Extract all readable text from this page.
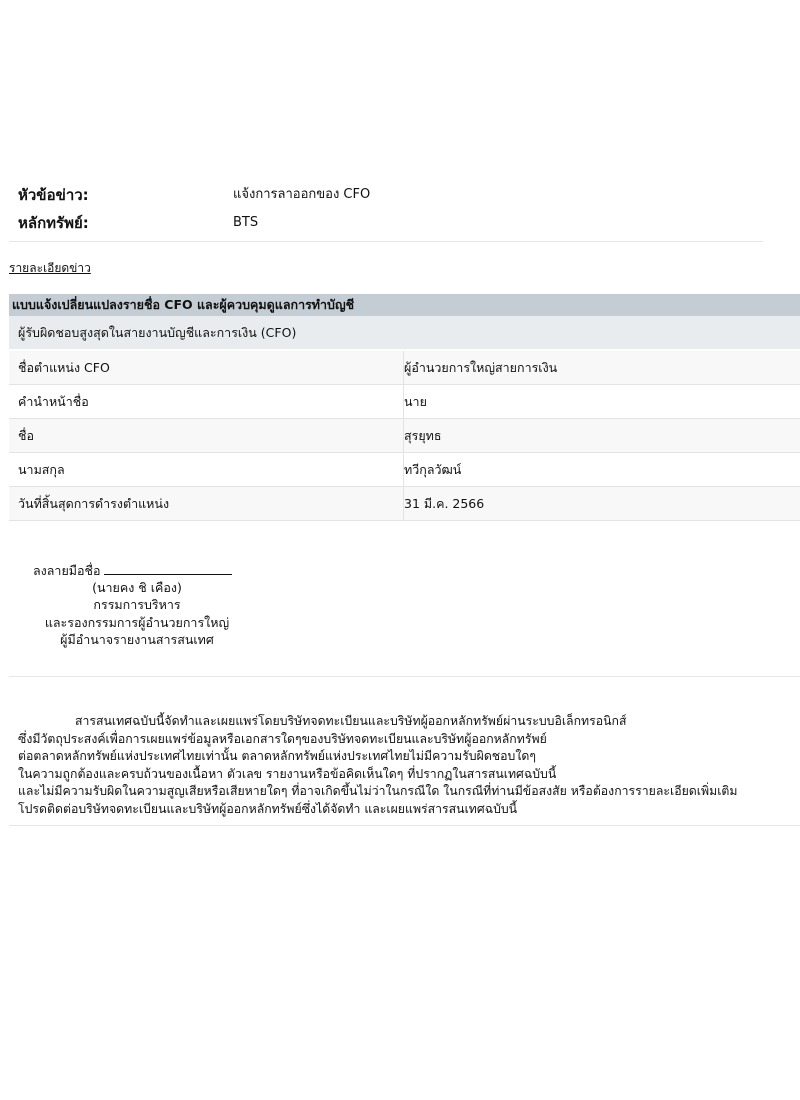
หัวข้อข่าว:	แจ้งการลาออกของ CFO
หลักทรัพย์:	BTS
รายละเอียดข่าว
แบบแจ้งเปลี่ยนแปลงรายชื่อ CFO และผู้ควบคุมดูแลการทำบัญชี
ผู้รับผิดชอบสูงสุดในสายงานบัญชีและการเงิน (CFO)
ชื่อตำแหน่ง CFO	ผู้อำนวยการใหญ่สายการเงิน
คำนำหน้าชื่อ	นาย
ชื่อ	สุรยุทธ
นามสกุล	ทวีกุลวัฒน์
วันที่สิ้นสุดการดำรงตำแหน่ง	31 มี.ค. 2566
ลงลายมือชื่อ
(นายคง ชิ เคือง)
กรรมการบริหาร
และรองกรรมการผู้อำนวยการใหญ่
ผู้มีอำนาจรายงานสารสนเทศ
สารสนเทศฉบับนี้จัดทำและเผยแพร่โดยบริษัทจดทะเบียนและบริษัทผู้ออกหลักทรัพย์ผ่านระบบอิเล็กทรอนิกส์
ซึ่งมีวัตถุประสงค์เพื่อการเผยแพร่ข้อมูลหรือเอกสารใดๆของบริษัทจดทะเบียนและบริษัทผู้ออกหลักทรัพย์
ต่อตลาดหลักทรัพย์แห่งประเทศไทยเท่านั้น ตลาดหลักทรัพย์แห่งประเทศไทยไม่มีความรับผิดชอบใดๆ
ในความถูกต้องและครบถ้วนของเนื้อหา ตัวเลข รายงานหรือข้อคิดเห็นใดๆ ที่ปรากฏในสารสนเทศฉบับนี้
และไม่มีความรับผิดในความสูญเสียหรือเสียหายใดๆ ที่อาจเกิดขึ้นไม่ว่าในกรณีใด ในกรณีที่ท่านมีข้อสงสัย หรือต้องการรายละเอียดเพิ่มเติม
โปรดติดต่อบริษัทจดทะเบียนและบริษัทผู้ออกหลักทรัพย์ซึ่งได้จัดทำ และเผยแพร่สารสนเทศฉบับนี้
